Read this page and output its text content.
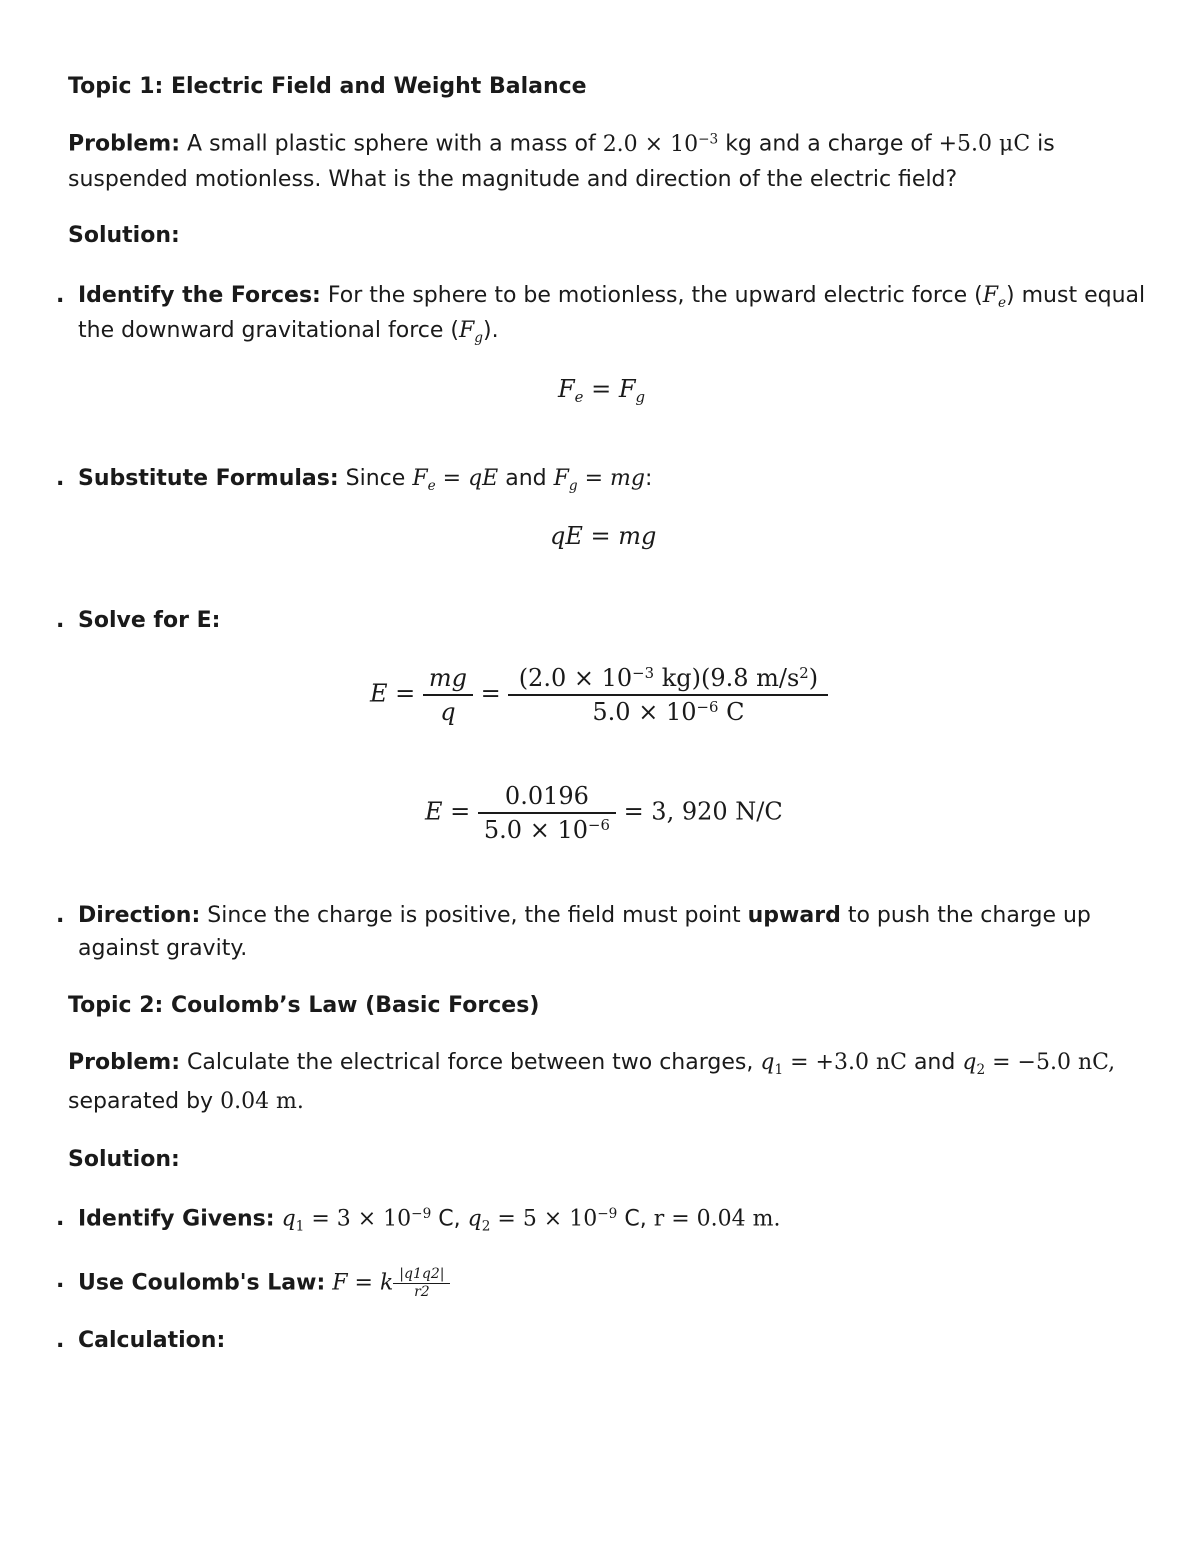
Topic 1: Electric Field and Weight Balance
Problem: A small plastic sphere with a mass of $2.0 \times 10^{-3}$ kg and a charge of +5.0 μC is
suspended motionless. What is the magnitude and direction of the electric field?
Solution:
. Identify the Forces: For the sphere to be motionless, the upward electric force $(F_e)$ must equal
the downward gravitational force $(F_g)$.
$F_e = F_g$
. Substitute Formulas: Since $F_e$ = qE and $F_g$ = mg:
qE = mg
. Solve for E:
$E = \frac{mg}{q} = \frac{(2.0 \times 10^{-3} kg)(9.8 m/s^2)}{5.0 \times 10^{-6} C}$
$E = \frac{0.0196}{5.0 \times 10^{-6}} = 3$, 920 N/C
. Direction: Since the charge is positive, the field must point upward to push the charge up
against gravity.
Topic 2: Coulomb’s Law (Basic Forces)
Problem: Calculate the electrical force between two charges, $q_1 = +3.0$ nC and $q_2 = -5.0$ nC,
separated by 0.04 m.
Solution:
. Identify Givens: $q_1 = 3 \times 10^{-9}$ C, $q_2 = 5 \times 10^{-9}$ C, r = 0.04 m.
. Use Coulomb's Law: F = k $\frac{|q1q2|}{r2}$
. Calculation:
